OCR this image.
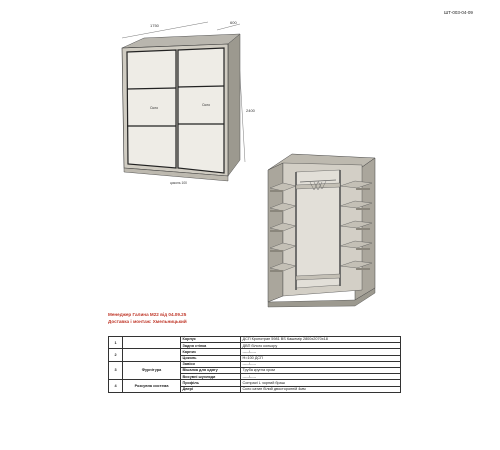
ШТ-003-04-09
1750
600
2400
Скло
Скло
цоколь 100
Менеджер Галина М22 від 04.09.25
Доставка і монтаж: Хмельницький
1		Корпус	ДСП Кронотрап 5981 BS Кашемір 2800х2070х18
		Задня стінка	ДВП білого кольору
2		Карниз	-----/-----
		Цоколь	Н=100 ДСП
3	Фурнітура	Завіси	-----/-----
		Вішалка для одягу	Труба кругла хром
		Висувні шухляди	-----/-----
4	Розсувна система	Профіль	Compact L чорний браш
		Двері	Скло сатин білий двосторонній 4мм
